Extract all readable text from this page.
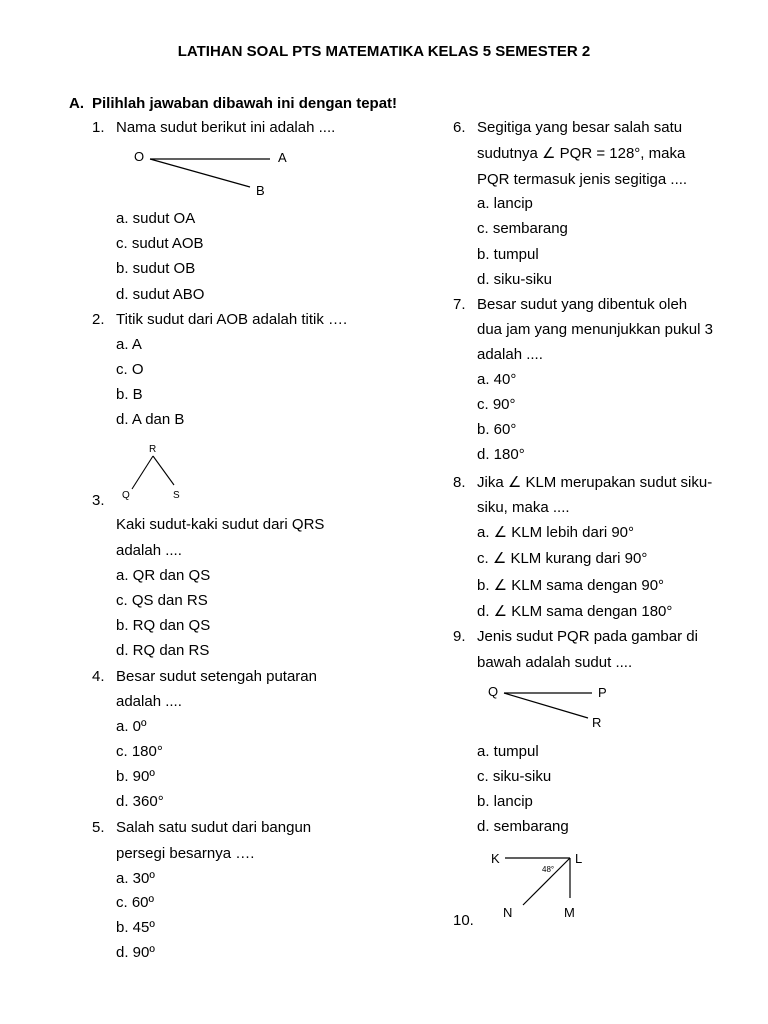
LATIHAN SOAL PTS MATEMATIKA KELAS 5 SEMESTER 2
A. Pilihlah jawaban dibawah ini dengan tepat!
1. Nama sudut berikut ini adalah ....
O	A
B
a. sudut OA
c. sudut AOB
b. sudut OB
d. sudut ABO
2. Titik sudut dari AOB adalah titik ….
a. A
c. O
b. B
d. A dan B
R
Q	S
3.
Kaki sudut-kaki sudut dari QRS
adalah ....
a. QR dan QS
c. QS dan RS
b. RQ dan QS
d. RQ dan RS
4. Besar sudut setengah putaran
adalah ....
a. 0º
c. 180°
b. 90º
d. 360°
5. Salah satu sudut dari bangun
persegi besarnya ….
a. 30º
c. 60º
b. 45º
d. 90º
6. Segitiga yang besar salah satu
sudutnya ∠ PQR = 128°, maka
PQR termasuk jenis segitiga ....
a. lancip
c. sembarang
b. tumpul
d. siku-siku
7. Besar sudut yang dibentuk oleh
dua jam yang menunjukkan pukul 3
adalah ....
a. 40°
c. 90°
b. 60°
d. 180°
8. Jika ∠ KLM merupakan sudut siku-
siku, maka ....
a. ∠ KLM lebih dari 90°
c. ∠ KLM kurang dari 90°
b. ∠ KLM sama dengan 90°
d. ∠ KLM sama dengan 180°
9. Jenis sudut PQR pada gambar di
bawah adalah sudut ....
Q	P
R
a. tumpul
c. siku-siku
b. lancip
d. sembarang
K	L
N	M
48°
10.
